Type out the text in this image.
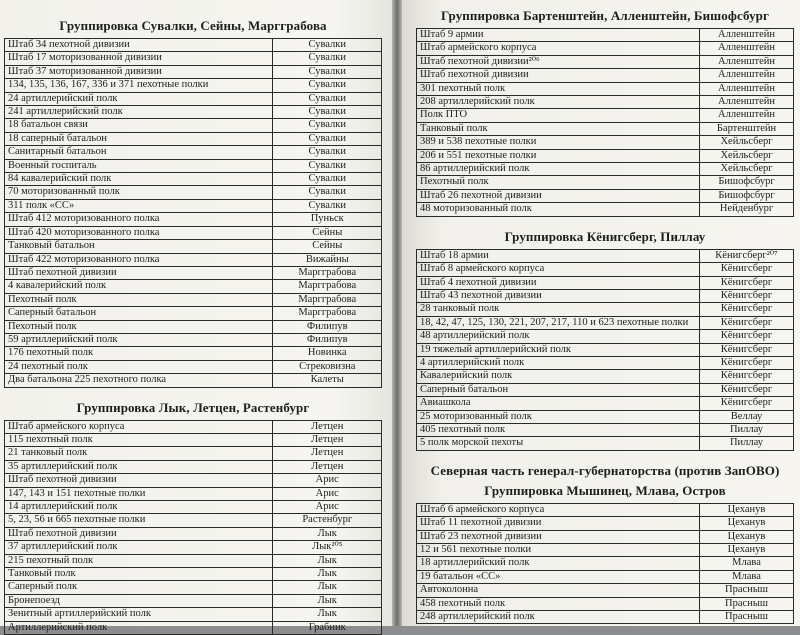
Группировка Сувалки, Сейны, Маргграбова
Штаб 34 пехотной дивизии	Сувалки
Штаб 17 моторизованной дивизии	Сувалки
Штаб 37 моторизованной дивизии	Сувалки
134, 135, 136, 167, 336 и 371 пехотные полки	Сувалки
24 артиллерийский полк	Сувалки
241 артиллерийский полк	Сувалки
18 батальон связи	Сувалки
18 саперный батальон	Сувалки
Санитарный батальон	Сувалки
Военный госпиталь	Сувалки
84 кавалерийский полк	Сувалки
70 моторизованный полк	Сувалки
311 полк «СС»	Сувалки
Штаб 412 моторизованного полка	Пуньск
Штаб 420 моторизованного полка	Сейны
Танковый батальон	Сейны
Штаб 422 моторизованного полка	Вижайны
Штаб пехотной дивизии	Маргграбова
4 кавалерийский полк	Маргграбова
Пехотный полк	Маргграбова
Саперный батальон	Маргграбова
Пехотный полк	Филипув
59 артиллерийский полк	Филипув
176 пехотный полк	Новинка
24 пехотный полк	Стрековизна
Два батальона 225 пехотного полка	Калеты
Группировка Лык, Летцен, Растенбург
Штаб армейского корпуса	Летцен
115 пехотный полк	Летцен
21 танковый полк	Летцен
35 артиллерийский полк	Летцен
Штаб пехотной дивизии	Арис
147, 143 и 151 пехотные полки	Арис
14 артиллерийский полк	Арис
5, 23, 56 и 665 пехотные полки	Растенбург
Штаб пехотной дивизии	Лык
37 артиллерийский полк	Лык²⁰⁵
215 пехотный полк	Лык
Танковый полк	Лык
Саперный полк	Лык
Бронепоезд	Лык
Зенитный артиллерийский полк	Лык
Артиллерийский полк	Грабник
Группировка Бартенштейн, Алленштейн, Бишофсбург
Штаб 9 армии	Алленштейн
Штаб армейского корпуса	Алленштейн
Штаб пехотной дивизии²⁰⁶	Алленштейн
Штаб пехотной дивизии	Алленштейн
301 пехотный полк	Алленштейн
208 артиллерийский полк	Алленштейн
Полк ПТО	Алленштейн
Танковый полк	Бартенштейн
389 и 538 пехотные полки	Хейльсберг
206 и 551 пехотные полки	Хейльсберг
86 артиллерийский полк	Хейльсберг
Пехотный полк	Бишофсбург
Штаб 26 пехотной дивизии	Бишофсбург
48 моторизованный полк	Нейденбург
Группировка Кёнигсберг, Пиллау
Штаб 18 армии	Кёнигсберг²⁰⁷
Штаб 8 армейского корпуса	Кёнигсберг
Штаб 4 пехотной дивизии	Кёнигсберг
Штаб 43 пехотной дивизии	Кёнигсберг
28 танковый полк	Кёнигсберг
18, 42, 47, 125, 130, 221, 207, 217, 110 и 623 пехотные полки	Кёнигсберг
48 артиллерийский полк	Кёнигсберг
19 тяжелый артиллерийский полк	Кёнигсберг
4 артиллерийский полк	Кёнигсберг
Кавалерийский полк	Кёнигсберг
Саперный батальон	Кёнигсберг
Авиашкола	Кёнигсберг
25 моторизованный полк	Веллау
405 пехотный полк	Пиллау
5 полк морской пехоты	Пиллау
Северная часть генерал-губернаторства (против ЗапОВО)
Группировка Мышинец, Млава, Остров
Штаб 6 армейского корпуса	Цеханув
Штаб 11 пехотной дивизии	Цеханув
Штаб 23 пехотной дивизии	Цеханув
12 и 561 пехотные полки	Цеханув
18 артиллерийский полк	Млава
19 батальон «СС»	Млава
Автоколонна	Прасныш
458 пехотный полк	Прасныш
248 артиллерийский полк	Прасныш
